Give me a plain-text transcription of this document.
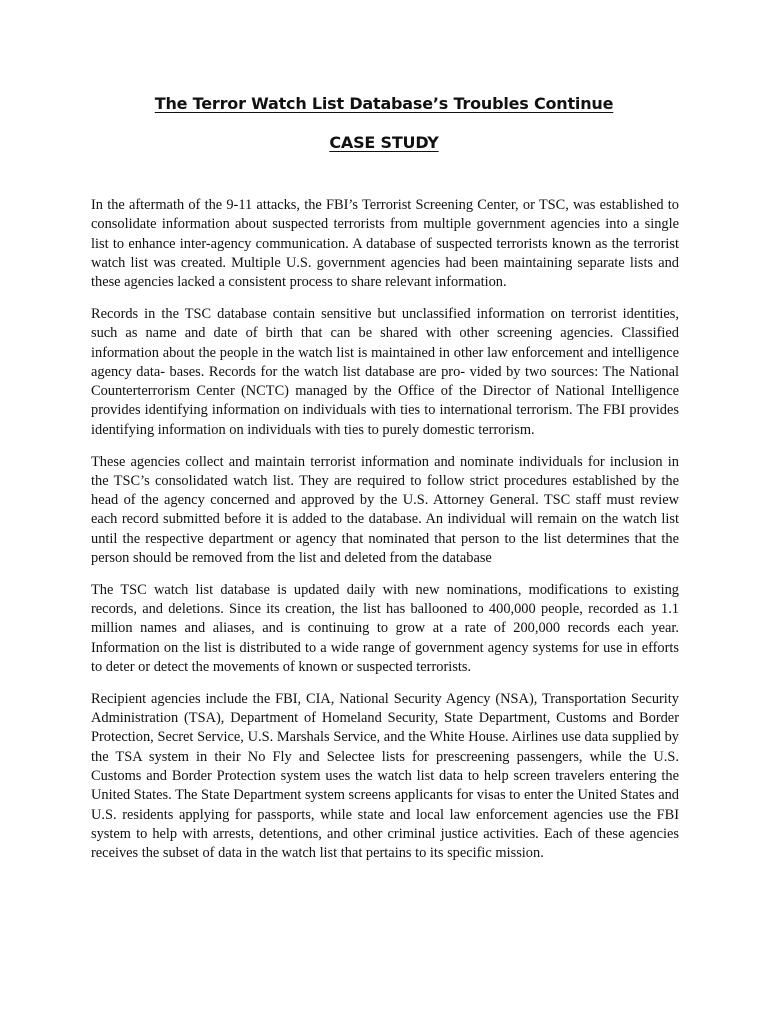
The Terror Watch List Database’s Troubles Continue
CASE STUDY

In the aftermath of the 9-11 attacks, the FBI’s Terrorist Screening Center, or TSC, was established to consolidate information about suspected terrorists from multiple government agencies into a single list to enhance inter-agency communication. A database of suspected terrorists known as the terrorist watch list was created. Multiple U.S. government agencies had been maintaining separate lists and these agencies lacked a consistent process to share relevant information.

Records in the TSC database contain sensitive but unclassified information on terrorist identities, such as name and date of birth that can be shared with other screening agencies. Classified information about the people in the watch list is maintained in other law enforcement and intelligence agency data- bases. Records for the watch list database are pro- vided by two sources: The National Counterterrorism Center (NCTC) managed by the Office of the Director of National Intelligence provides identifying information on individuals with ties to international terrorism. The FBI provides identifying information on individuals with ties to purely domestic terrorism.

These agencies collect and maintain terrorist information and nominate individuals for inclusion in the TSC’s consolidated watch list. They are required to follow strict procedures established by the head of the agency concerned and approved by the U.S. Attorney General. TSC staff must review each record submitted before it is added to the database. An individual will remain on the watch list until the respective department or agency that nominated that person to the list determines that the person should be removed from the list and deleted from the database

The TSC watch list database is updated daily with new nominations, modifications to existing records, and deletions. Since its creation, the list has ballooned to 400,000 people, recorded as 1.1 million names and aliases, and is continuing to grow at a rate of 200,000 records each year. Information on the list is distributed to a wide range of government agency systems for use in efforts to deter or detect the movements of known or suspected terrorists.

Recipient agencies include the FBI, CIA, National Security Agency (NSA), Transportation Security Administration (TSA), Department of Homeland Security, State Department, Customs and Border Protection, Secret Service, U.S. Marshals Service, and the White House. Airlines use data supplied by the TSA system in their No Fly and Selectee lists for prescreening passengers, while the U.S. Customs and Border Protection system uses the watch list data to help screen travelers entering the United States. The State Department system screens applicants for visas to enter the United States and U.S. residents applying for passports, while state and local law enforcement agencies use the FBI system to help with arrests, detentions, and other criminal justice activities. Each of these agencies receives the subset of data in the watch list that pertains to its specific mission.
